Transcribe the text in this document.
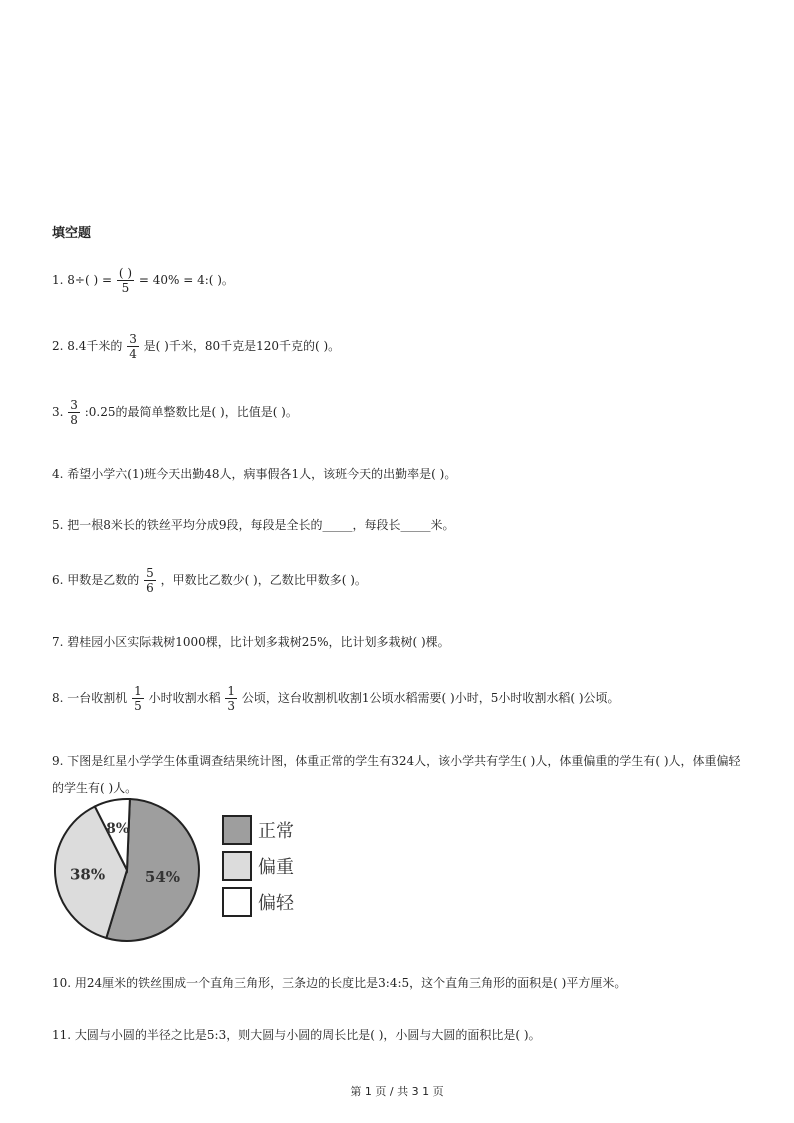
填空题
1. 8÷( ) = $\frac{( )}{5} = 40\%$ = 4:( )。
2. 8.4千米的 $\frac{3}{4}$ 是( )千米，80千克是120千克的( )。
3. $\frac{3}{8}$ :0.25的最简单整数比是( )，比值是( )。
4. 希望小学六(1)班今天出勤48人，病事假各1人，该班今天的出勤率是( )。
5. 把一根8米长的铁丝平均分成9段，每段是全长的_____，每段长_____米。
6. 甲数是乙数的 $\frac{5}{6}$ ，甲数比乙数少( )，乙数比甲数多( )。
7. 碧桂园小区实际栽树1000棵，比计划多栽树25%，比计划多栽树( )棵。
8. 一台收割机 $\frac{1}{5}$ 小时收割水稻 $\frac{1}{3}$ 公顷，这台收割机收割1公顷水稻需要( )小时，5小时收割水稻( )公顷。
9. 下图是红星小学学生体重调查结果统计图，体重正常的学生有324人，该小学共有学生( )人，体重偏重的学生有( )人，体重偏轻的学生有( )人。
54%
38%
8%	正常
偏重
偏轻
10. 用24厘米的铁丝围成一个直角三角形，三条边的长度比是3:4:5，这个直角三角形的面积是( )平方厘米。
11. 大圆与小圆的半径之比是5:3，则大圆与小圆的周长比是( )，小圆与大圆的面积比是( )。
第 1 页 / 共 3 1 页
